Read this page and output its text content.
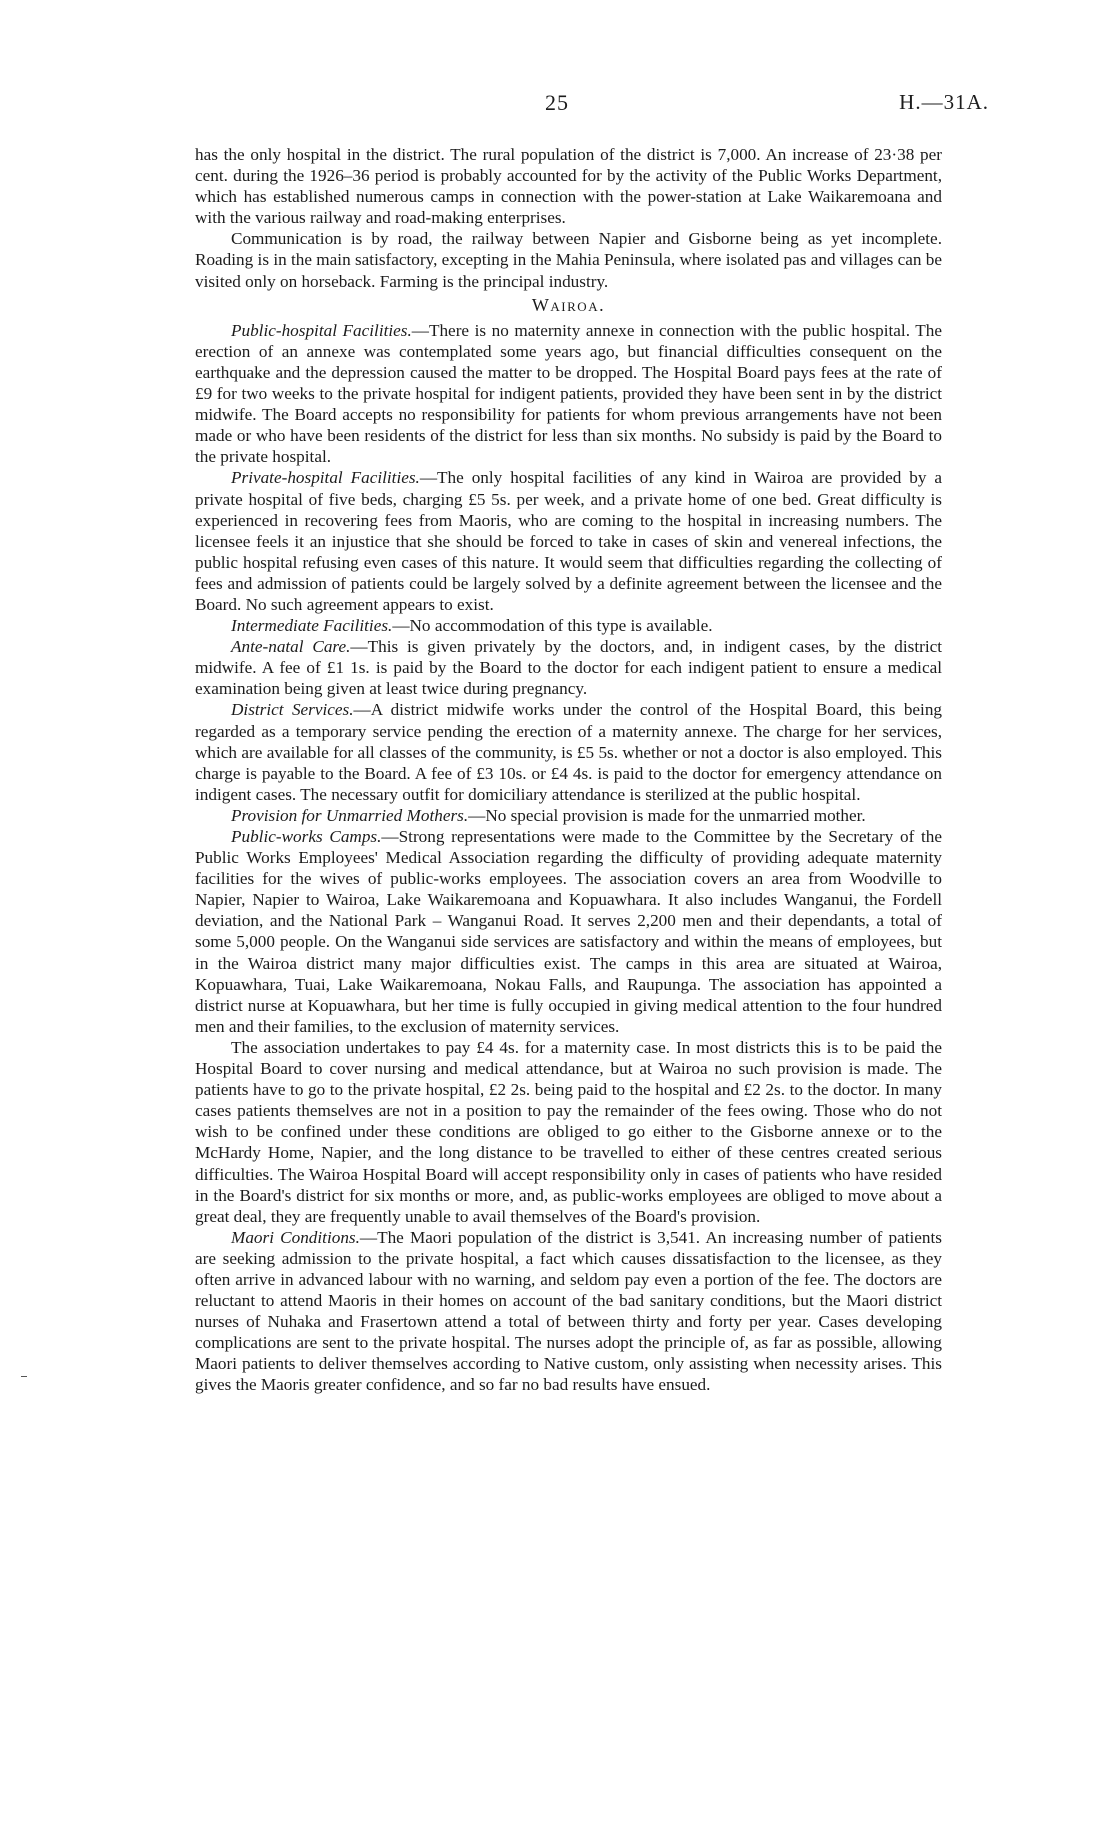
25	H.—31A.

has the only hospital in the district. The rural population of the district is 7,000. An increase of 23·38 per cent. during the 1926–36 period is probably accounted for by the activity of the Public Works Department, which has established numerous camps in connection with the power-station at Lake Waikaremoana and with the various railway and road-making enterprises.

Communication is by road, the railway between Napier and Gisborne being as yet incomplete. Roading is in the main satisfactory, excepting in the Mahia Peninsula, where isolated pas and villages can be visited only on horseback. Farming is the principal industry.

Wairoa.

Public-hospital Facilities.—There is no maternity annexe in connection with the public hospital. The erection of an annexe was contemplated some years ago, but financial difficulties consequent on the earthquake and the depression caused the matter to be dropped. The Hospital Board pays fees at the rate of £9 for two weeks to the private hospital for indigent patients, provided they have been sent in by the district midwife. The Board accepts no responsibility for patients for whom previous arrangements have not been made or who have been residents of the district for less than six months. No subsidy is paid by the Board to the private hospital.

Private-hospital Facilities.—The only hospital facilities of any kind in Wairoa are provided by a private hospital of five beds, charging £5 5s. per week, and a private home of one bed. Great difficulty is experienced in recovering fees from Maoris, who are coming to the hospital in increasing numbers. The licensee feels it an injustice that she should be forced to take in cases of skin and venereal infections, the public hospital refusing even cases of this nature. It would seem that difficulties regarding the collecting of fees and admission of patients could be largely solved by a definite agreement between the licensee and the Board. No such agreement appears to exist.

Intermediate Facilities.—No accommodation of this type is available.

Ante-natal Care.—This is given privately by the doctors, and, in indigent cases, by the district midwife. A fee of £1 1s. is paid by the Board to the doctor for each indigent patient to ensure a medical examination being given at least twice during pregnancy.

District Services.—A district midwife works under the control of the Hospital Board, this being regarded as a temporary service pending the erection of a maternity annexe. The charge for her services, which are available for all classes of the community, is £5 5s. whether or not a doctor is also employed. This charge is payable to the Board. A fee of £3 10s. or £4 4s. is paid to the doctor for emergency attendance on indigent cases. The necessary outfit for domiciliary attendance is sterilized at the public hospital.

Provision for Unmarried Mothers.—No special provision is made for the unmarried mother.

Public-works Camps.—Strong representations were made to the Committee by the Secretary of the Public Works Employees' Medical Association regarding the difficulty of providing adequate maternity facilities for the wives of public-works employees. The association covers an area from Woodville to Napier, Napier to Wairoa, Lake Waikaremoana and Kopuawhara. It also includes Wanganui, the Fordell deviation, and the National Park – Wanganui Road. It serves 2,200 men and their dependants, a total of some 5,000 people. On the Wanganui side services are satisfactory and within the means of employees, but in the Wairoa district many major difficulties exist. The camps in this area are situated at Wairoa, Kopuawhara, Tuai, Lake Waikaremoana, Nokau Falls, and Raupunga. The association has appointed a district nurse at Kopuawhara, but her time is fully occupied in giving medical attention to the four hundred men and their families, to the exclusion of maternity services.

The association undertakes to pay £4 4s. for a maternity case. In most districts this is to be paid the Hospital Board to cover nursing and medical attendance, but at Wairoa no such provision is made. The patients have to go to the private hospital, £2 2s. being paid to the hospital and £2 2s. to the doctor. In many cases patients themselves are not in a position to pay the remainder of the fees owing. Those who do not wish to be confined under these conditions are obliged to go either to the Gisborne annexe or to the McHardy Home, Napier, and the long distance to be travelled to either of these centres created serious difficulties. The Wairoa Hospital Board will accept responsibility only in cases of patients who have resided in the Board's district for six months or more, and, as public-works employees are obliged to move about a great deal, they are frequently unable to avail themselves of the Board's provision.

Maori Conditions.—The Maori population of the district is 3,541. An increasing number of patients are seeking admission to the private hospital, a fact which causes dissatisfaction to the licensee, as they often arrive in advanced labour with no warning, and seldom pay even a portion of the fee. The doctors are reluctant to attend Maoris in their homes on account of the bad sanitary conditions, but the Maori district nurses of Nuhaka and Frasertown attend a total of between thirty and forty per year. Cases developing complications are sent to the private hospital. The nurses adopt the principle of, as far as possible, allowing Maori patients to deliver themselves according to Native custom, only assisting when necessity arises. This gives the Maoris greater confidence, and so far no bad results have ensued.
